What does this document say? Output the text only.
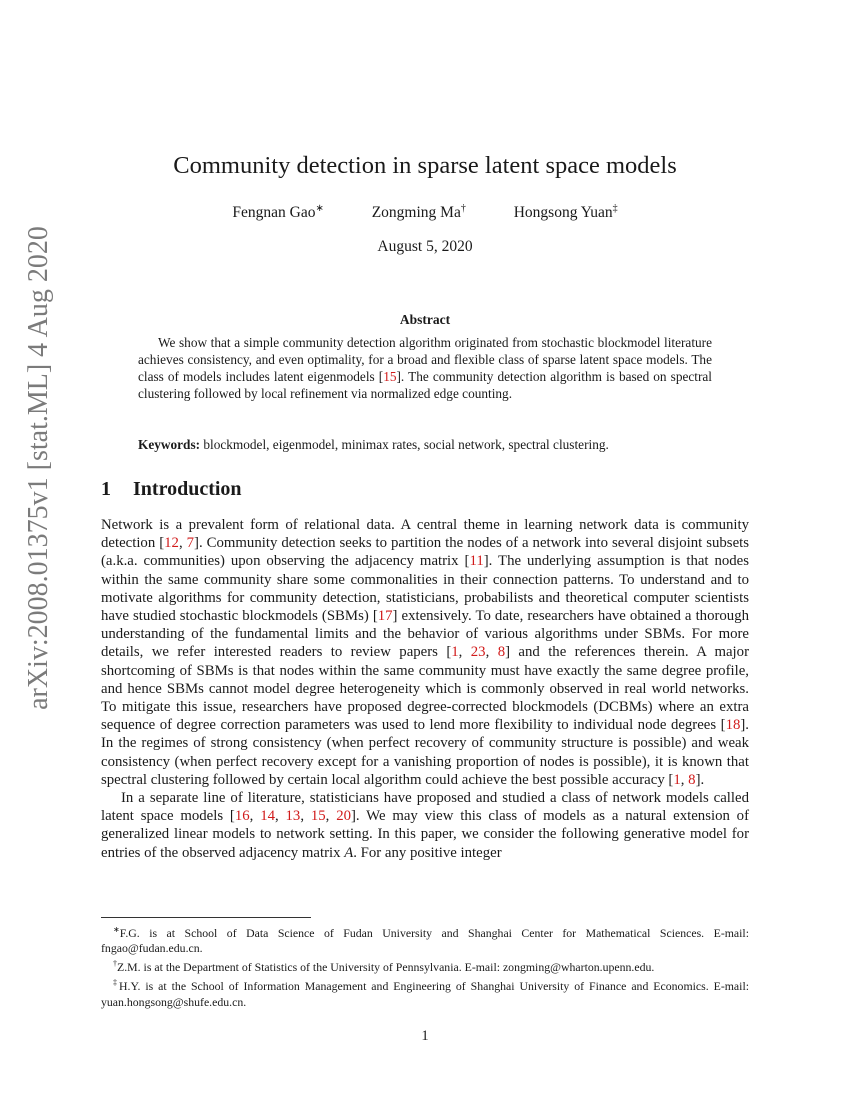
arXiv:2008.01375v1 [stat.ML] 4 Aug 2020
Community detection in sparse latent space models
Fengnan Gao∗	Zongming Ma†	Hongsong Yuan‡
August 5, 2020
Abstract

We show that a simple community detection algorithm originated from stochastic blockmodel literature achieves consistency, and even optimality, for a broad and flexible class of sparse latent space models. The class of models includes latent eigenmodels [15]. The community detection algorithm is based on spectral clustering followed by local refinement via normalized edge counting.

Keywords: blockmodel, eigenmodel, minimax rates, social network, spectral clustering.
1 Introduction

Network is a prevalent form of relational data. A central theme in learning network data is community detection [12, 7]. Community detection seeks to partition the nodes of a network into several disjoint subsets (a.k.a. communities) upon observing the adjacency matrix [11]. The underlying assumption is that nodes within the same community share some commonalities in their connection patterns. To understand and to motivate algorithms for community detection, statisticians, probabilists and theoretical computer scientists have studied stochastic blockmodels (SBMs) [17] extensively. To date, researchers have obtained a thorough understanding of the fundamental limits and the behavior of various algorithms under SBMs. For more details, we refer interested readers to review papers [1, 23, 8] and the references therein. A major shortcoming of SBMs is that nodes within the same community must have exactly the same degree profile, and hence SBMs cannot model degree heterogeneity which is commonly observed in real world networks. To mitigate this issue, researchers have proposed degree-corrected blockmodels (DCBMs) where an extra sequence of degree correction parameters was used to lend more flexibility to individual node degrees [18]. In the regimes of strong consistency (when perfect recovery of community structure is possible) and weak consistency (when perfect recovery except for a vanishing proportion of nodes is possible), it is known that spectral clustering followed by certain local algorithm could achieve the best possible accuracy [1, 8].

In a separate line of literature, statisticians have proposed and studied a class of network models called latent space models [16, 14, 13, 15, 20]. We may view this class of models as a natural extension of generalized linear models to network setting. In this paper, we consider the following generative model for entries of the observed adjacency matrix A. For any positive integer

∗F.G. is at School of Data Science of Fudan University and Shanghai Center for Mathematical Sciences. E-mail: fngao@fudan.edu.cn.

†Z.M. is at the Department of Statistics of the University of Pennsylvania. E-mail: zongming@wharton.upenn.edu.

‡H.Y. is at the School of Information Management and Engineering of Shanghai University of Finance and Economics. E-mail: yuan.hongsong@shufe.edu.cn.

1
